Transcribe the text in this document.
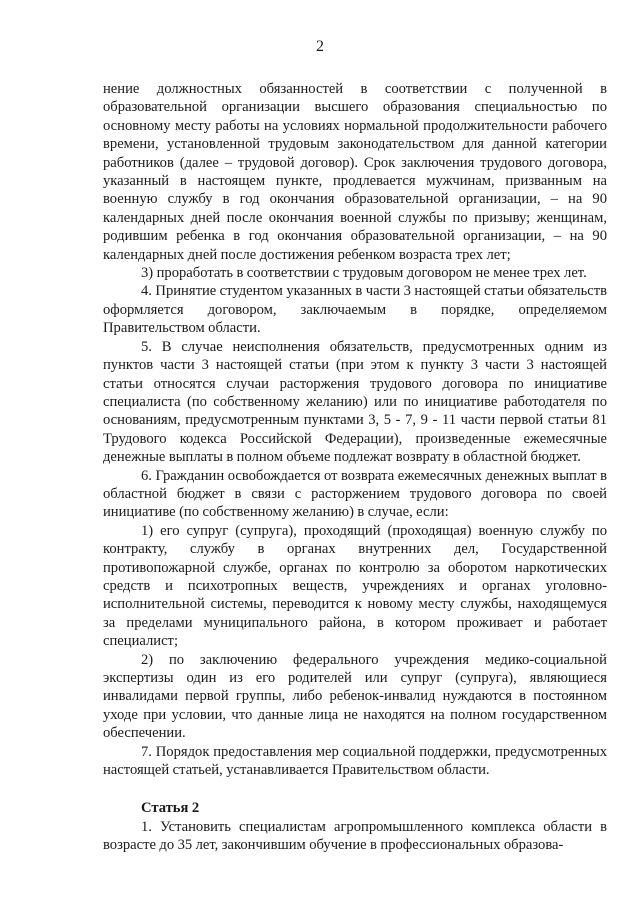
2

нение должностных обязанностей в соответствии с полученной в образовательной организации высшего образования специальностью по основному месту работы на условиях нормальной продолжительности рабочего времени, установленной трудовым законодательством для данной категории работников (далее – трудовой договор). Срок заключения трудового договора, указанный в настоящем пункте, продлевается мужчинам, призванным на военную службу в год окончания образовательной организации, – на 90 календарных дней после окончания военной службы по призыву; женщинам, родившим ребенка в год окончания образовательной организации, – на 90 календарных дней после достижения ребенком возраста трех лет;

3) проработать в соответствии с трудовым договором не менее трех лет.

4. Принятие студентом указанных в части 3 настоящей статьи обязательств оформляется договором, заключаемым в порядке, определяемом Правительством области.

5. В случае неисполнения обязательств, предусмотренных одним из пунктов части 3 настоящей статьи (при этом к пункту 3 части 3 настоящей статьи относятся случаи расторжения трудового договора по инициативе специалиста (по собственному желанию) или по инициативе работодателя по основаниям, предусмотренным пунктами 3, 5 - 7, 9 - 11 части первой статьи 81 Трудового кодекса Российской Федерации), произведенные ежемесячные денежные выплаты в полном объеме подлежат возврату в областной бюджет.

6. Гражданин освобождается от возврата ежемесячных денежных выплат в областной бюджет в связи с расторжением трудового договора по своей инициативе (по собственному желанию) в случае, если:

1) его супруг (супруга), проходящий (проходящая) военную службу по контракту, службу в органах внутренних дел, Государственной противопожарной службе, органах по контролю за оборотом наркотических средств и психотропных веществ, учреждениях и органах уголовно-исполнительной системы, переводится к новому месту службы, находящемуся за пределами муниципального района, в котором проживает и работает специалист;

2) по заключению федерального учреждения медико-социальной экспертизы один из его родителей или супруг (супруга), являющиеся инвалидами первой группы, либо ребенок-инвалид нуждаются в постоянном уходе при условии, что данные лица не находятся на полном государственном обеспечении.

7. Порядок предоставления мер социальной поддержки, предусмотренных настоящей статьей, устанавливается Правительством области.

Статья 2

1. Установить специалистам агропромышленного комплекса области в возрасте до 35 лет, закончившим обучение в профессиональных образова-
